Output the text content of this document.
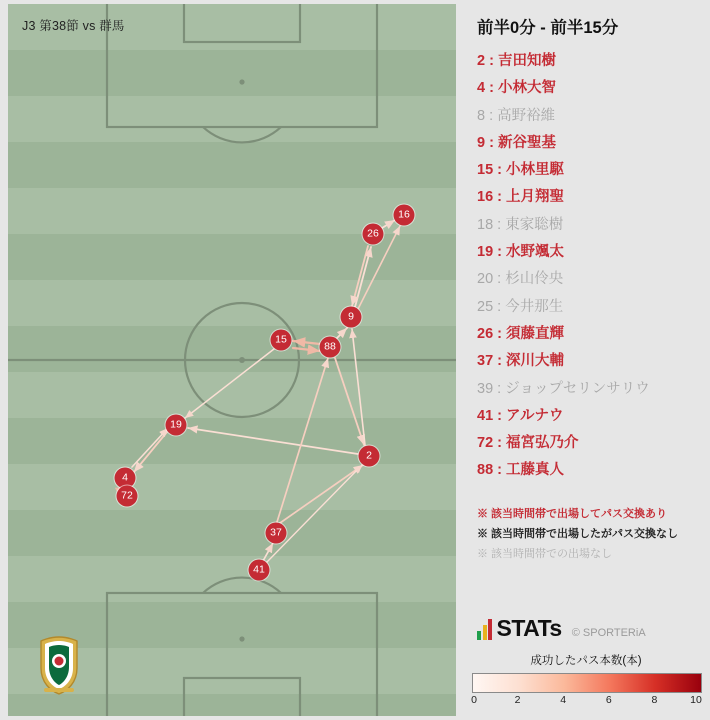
J3 第38節 vs 群馬
16
26
9
15
88
19
2
4
72
37
41
前半0分 - 前半15分
2 : 吉田知樹
4 : 小林大智
8 : 高野裕維
9 : 新谷聖基
15 : 小林里駆
16 : 上月翔聖
18 : 東家聡樹
19 : 水野颯太
20 : 杉山伶央
25 : 今井那生
26 : 須藤直輝
37 : 深川大輔
39 : ジョップセリンサリウ
41 : アルナウ
72 : 福宮弘乃介
88 : 工藤真人
※ 該当時間帯で出場してパス交換あり
※ 該当時間帯で出場したがパス交換なし
※ 該当時間帯での出場なし
STATs © SPORTERiA
成功したパス本数(本)
0	2	4	6	8	10
